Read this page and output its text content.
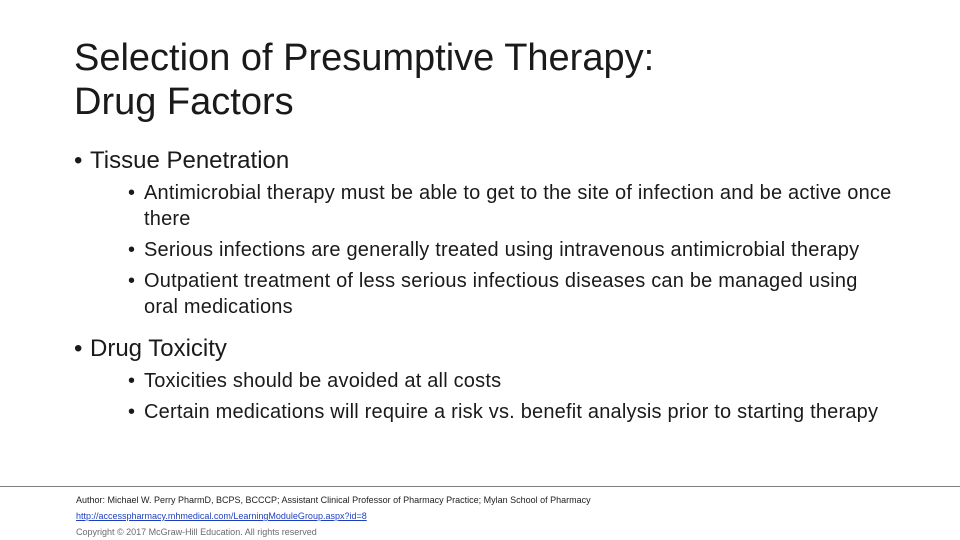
Selection of Presumptive Therapy:
Drug Factors
• Tissue Penetration
• Antimicrobial therapy must be able to get to the site of infection and be active once there
• Serious infections are generally treated using intravenous antimicrobial therapy
• Outpatient treatment of less serious infectious diseases can be managed using oral medications
• Drug Toxicity
• Toxicities should be avoided at all costs
• Certain medications will require a risk vs. benefit analysis prior to starting therapy
Author: Michael W. Perry PharmD, BCPS, BCCCP; Assistant Clinical Professor of Pharmacy Practice; Mylan School of Pharmacy
http://accesspharmacy.mhmedical.com/LearningModuleGroup.aspx?id=8
Copyright © 2017 McGraw-Hill Education. All rights reserved
